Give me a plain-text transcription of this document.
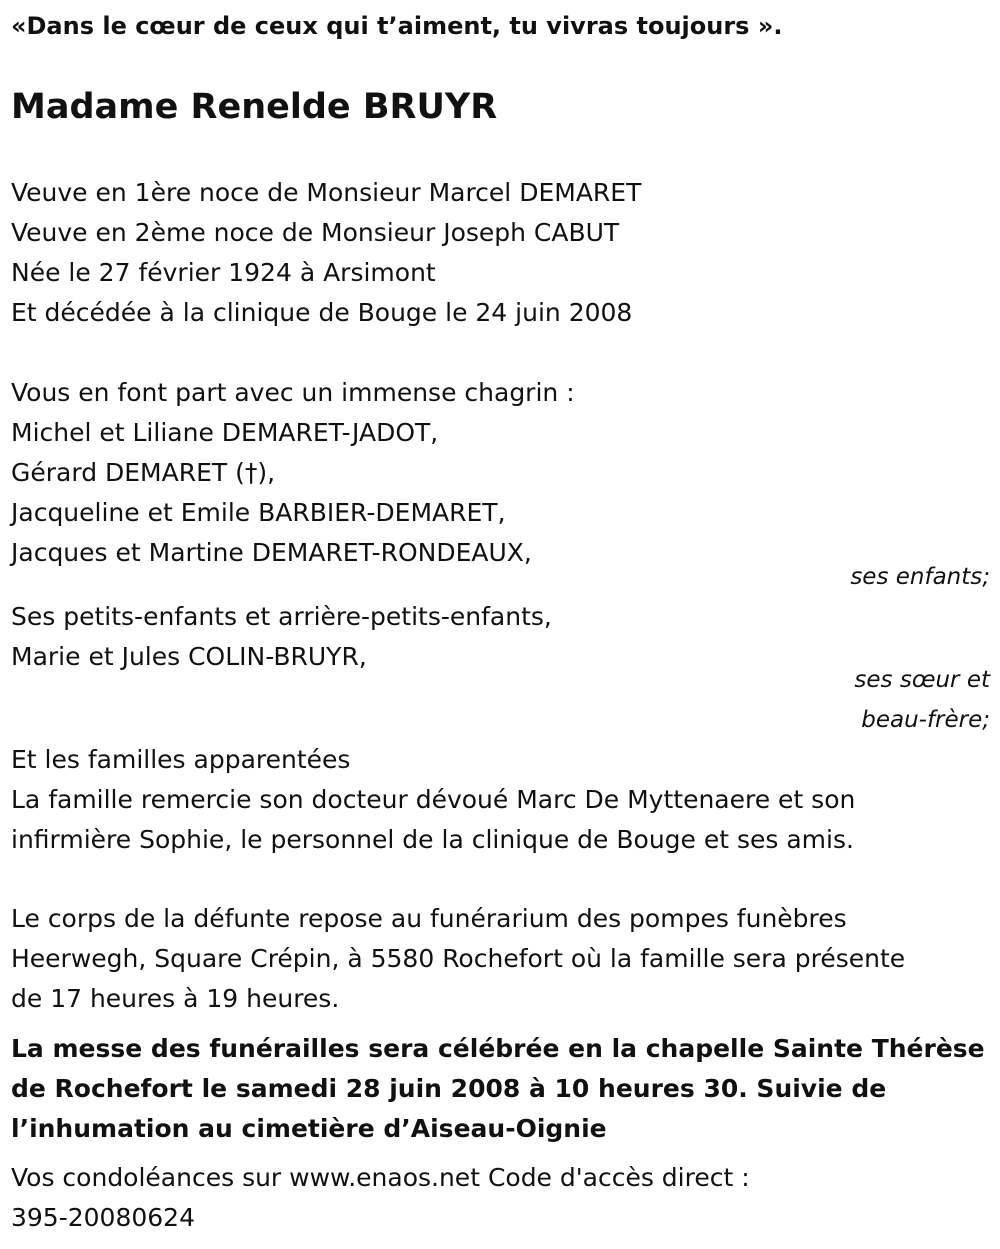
«Dans le cœur de ceux qui t’aiment, tu vivras toujours ».

Madame Renelde BRUYR

Veuve en 1ère noce de Monsieur Marcel DEMARET
Veuve en 2ème noce de Monsieur Joseph CABUT
Née le 27 février 1924 à Arsimont
Et décédée à la clinique de Bouge le 24 juin 2008

Vous en font part avec un immense chagrin :
Michel et Liliane DEMARET-JADOT,
Gérard DEMARET (†),
Jacqueline et Emile BARBIER-DEMARET,
Jacques et Martine DEMARET-RONDEAUX,

ses enfants;

Ses petits-enfants et arrière-petits-enfants,
Marie et Jules COLIN-BRUYR,

ses sœur et
beau-frère;

Et les familles apparentées
La famille remercie son docteur dévoué Marc De Myttenaere et son
infirmière Sophie, le personnel de la clinique de Bouge et ses amis.

Le corps de la défunte repose au funérarium des pompes funèbres
Heerwegh, Square Crépin, à 5580 Rochefort où la famille sera présente
de 17 heures à 19 heures.

La messe des funérailles sera célébrée en la chapelle Sainte Thérèse
de Rochefort le samedi 28 juin 2008 à 10 heures 30. Suivie de
l’inhumation au cimetière d’Aiseau-Oignie

Vos condoléances sur www.enaos.net Code d'accès direct :
395-20080624
